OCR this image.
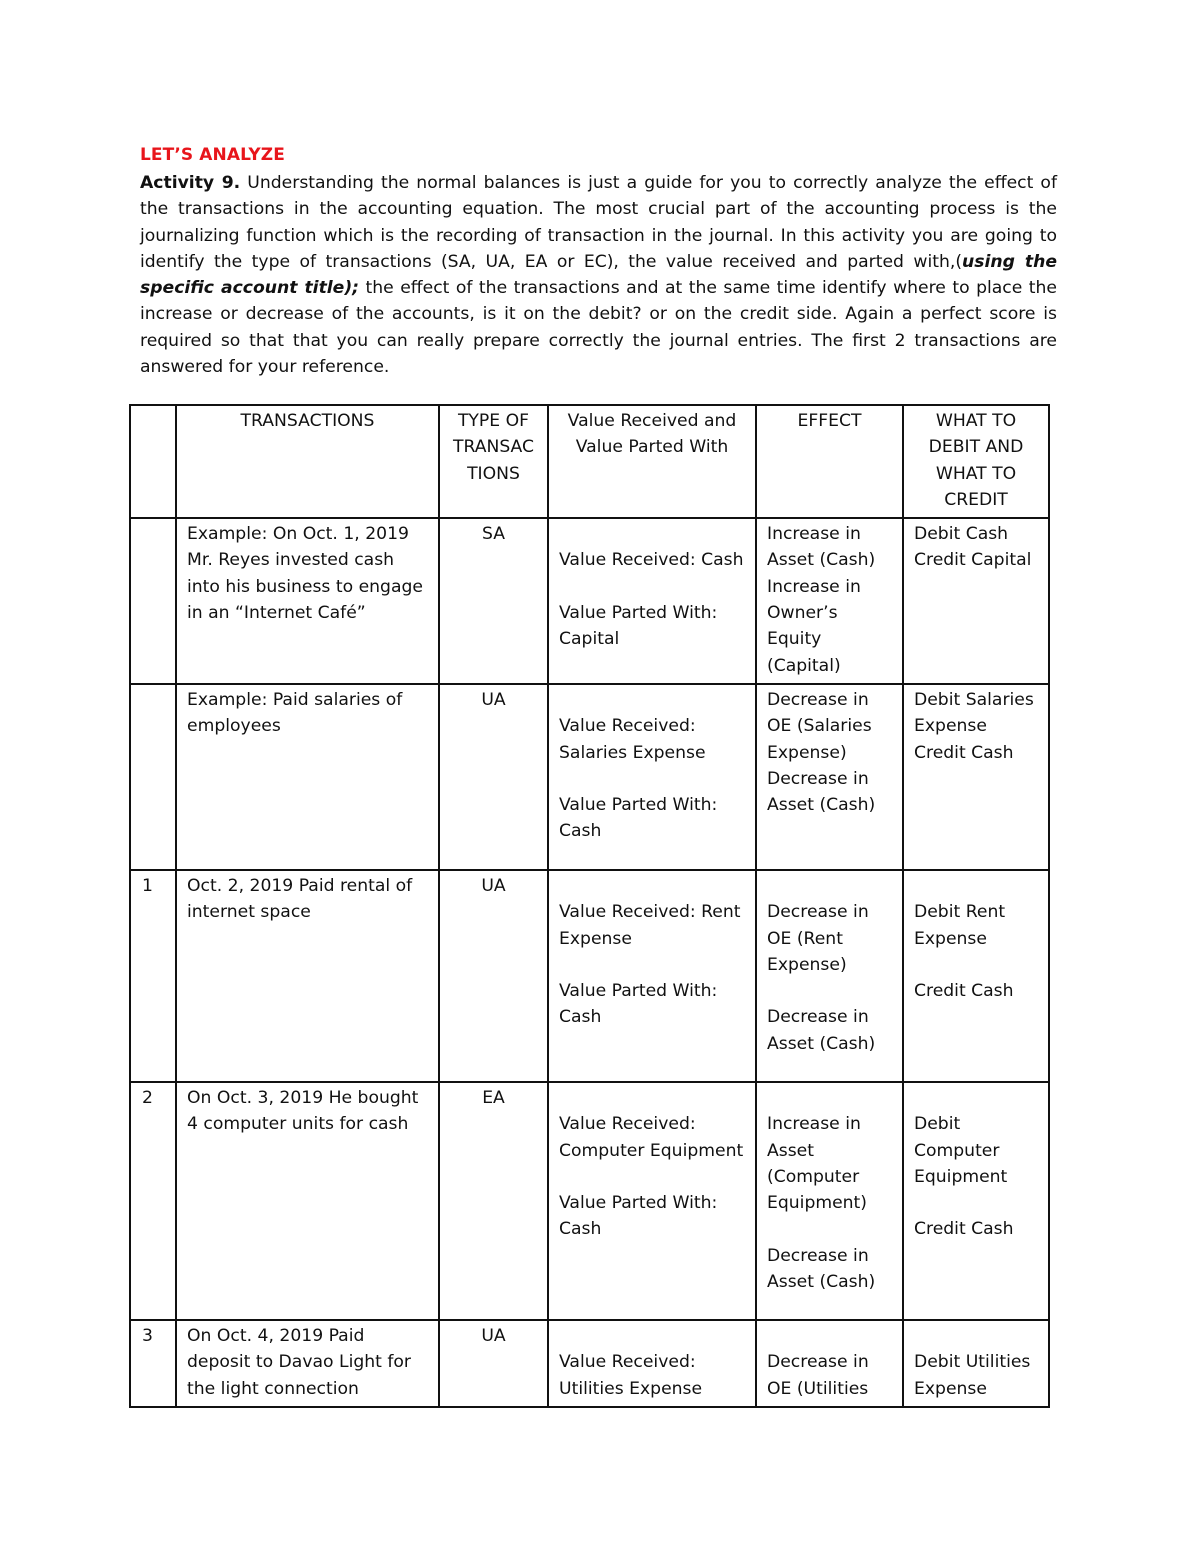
LET’S ANALYZE

Activity 9. Understanding the normal balances is just a guide for you to correctly analyze the effect of the transactions in the accounting equation. The most crucial part of the accounting process is the journalizing function which is the recording of transaction in the journal. In this activity you are going to identify the type of transactions (SA, UA, EA or EC), the value received and parted with,(using the specific account title); the effect of the transactions and at the same time identify where to place the increase or decrease of the accounts, is it on the debit? or on the credit side. Again a perfect score is required so that that you can really prepare correctly the journal entries. The first 2 transactions are answered for your reference.

	TRANSACTIONS	TYPE OF
TRANSAC
TIONS	Value Received and
Value Parted With	EFFECT	WHAT TO
DEBIT AND
WHAT TO
CREDIT
	Example: On Oct. 1, 2019 Mr. Reyes invested cash into his business to engage in an “Internet Café”	SA	Value Received: Cash
Value Parted With: Capital	Increase in Asset (Cash) Increase in Owner’s Equity (Capital)	Debit Cash
Credit Capital

	Example: Paid salaries of employees	UA	Value Received: Salaries Expense
Value Parted With: Cash	Decrease in OE (Salaries Expense) Decrease in Asset (Cash)	Debit Salaries Expense
Credit Cash

1	Oct. 2, 2019 Paid rental of internet space	UA	Value Received: Rent Expense
Value Parted With: Cash	Decrease in OE (Rent Expense)
Decrease in Asset (Cash)	Debit Rent Expense
Credit Cash

2	On Oct. 3, 2019 He bought 4 computer units for cash	EA	Value Received: Computer Equipment
Value Parted With: Cash	Increase in Asset (Computer Equipment)
Decrease in Asset (Cash)	Debit Computer Equipment
Credit Cash

3	On Oct. 4, 2019 Paid deposit to Davao Light for the light connection	UA	Value Received: Utilities Expense	Decrease in OE (Utilities	Debit Utilities Expense
